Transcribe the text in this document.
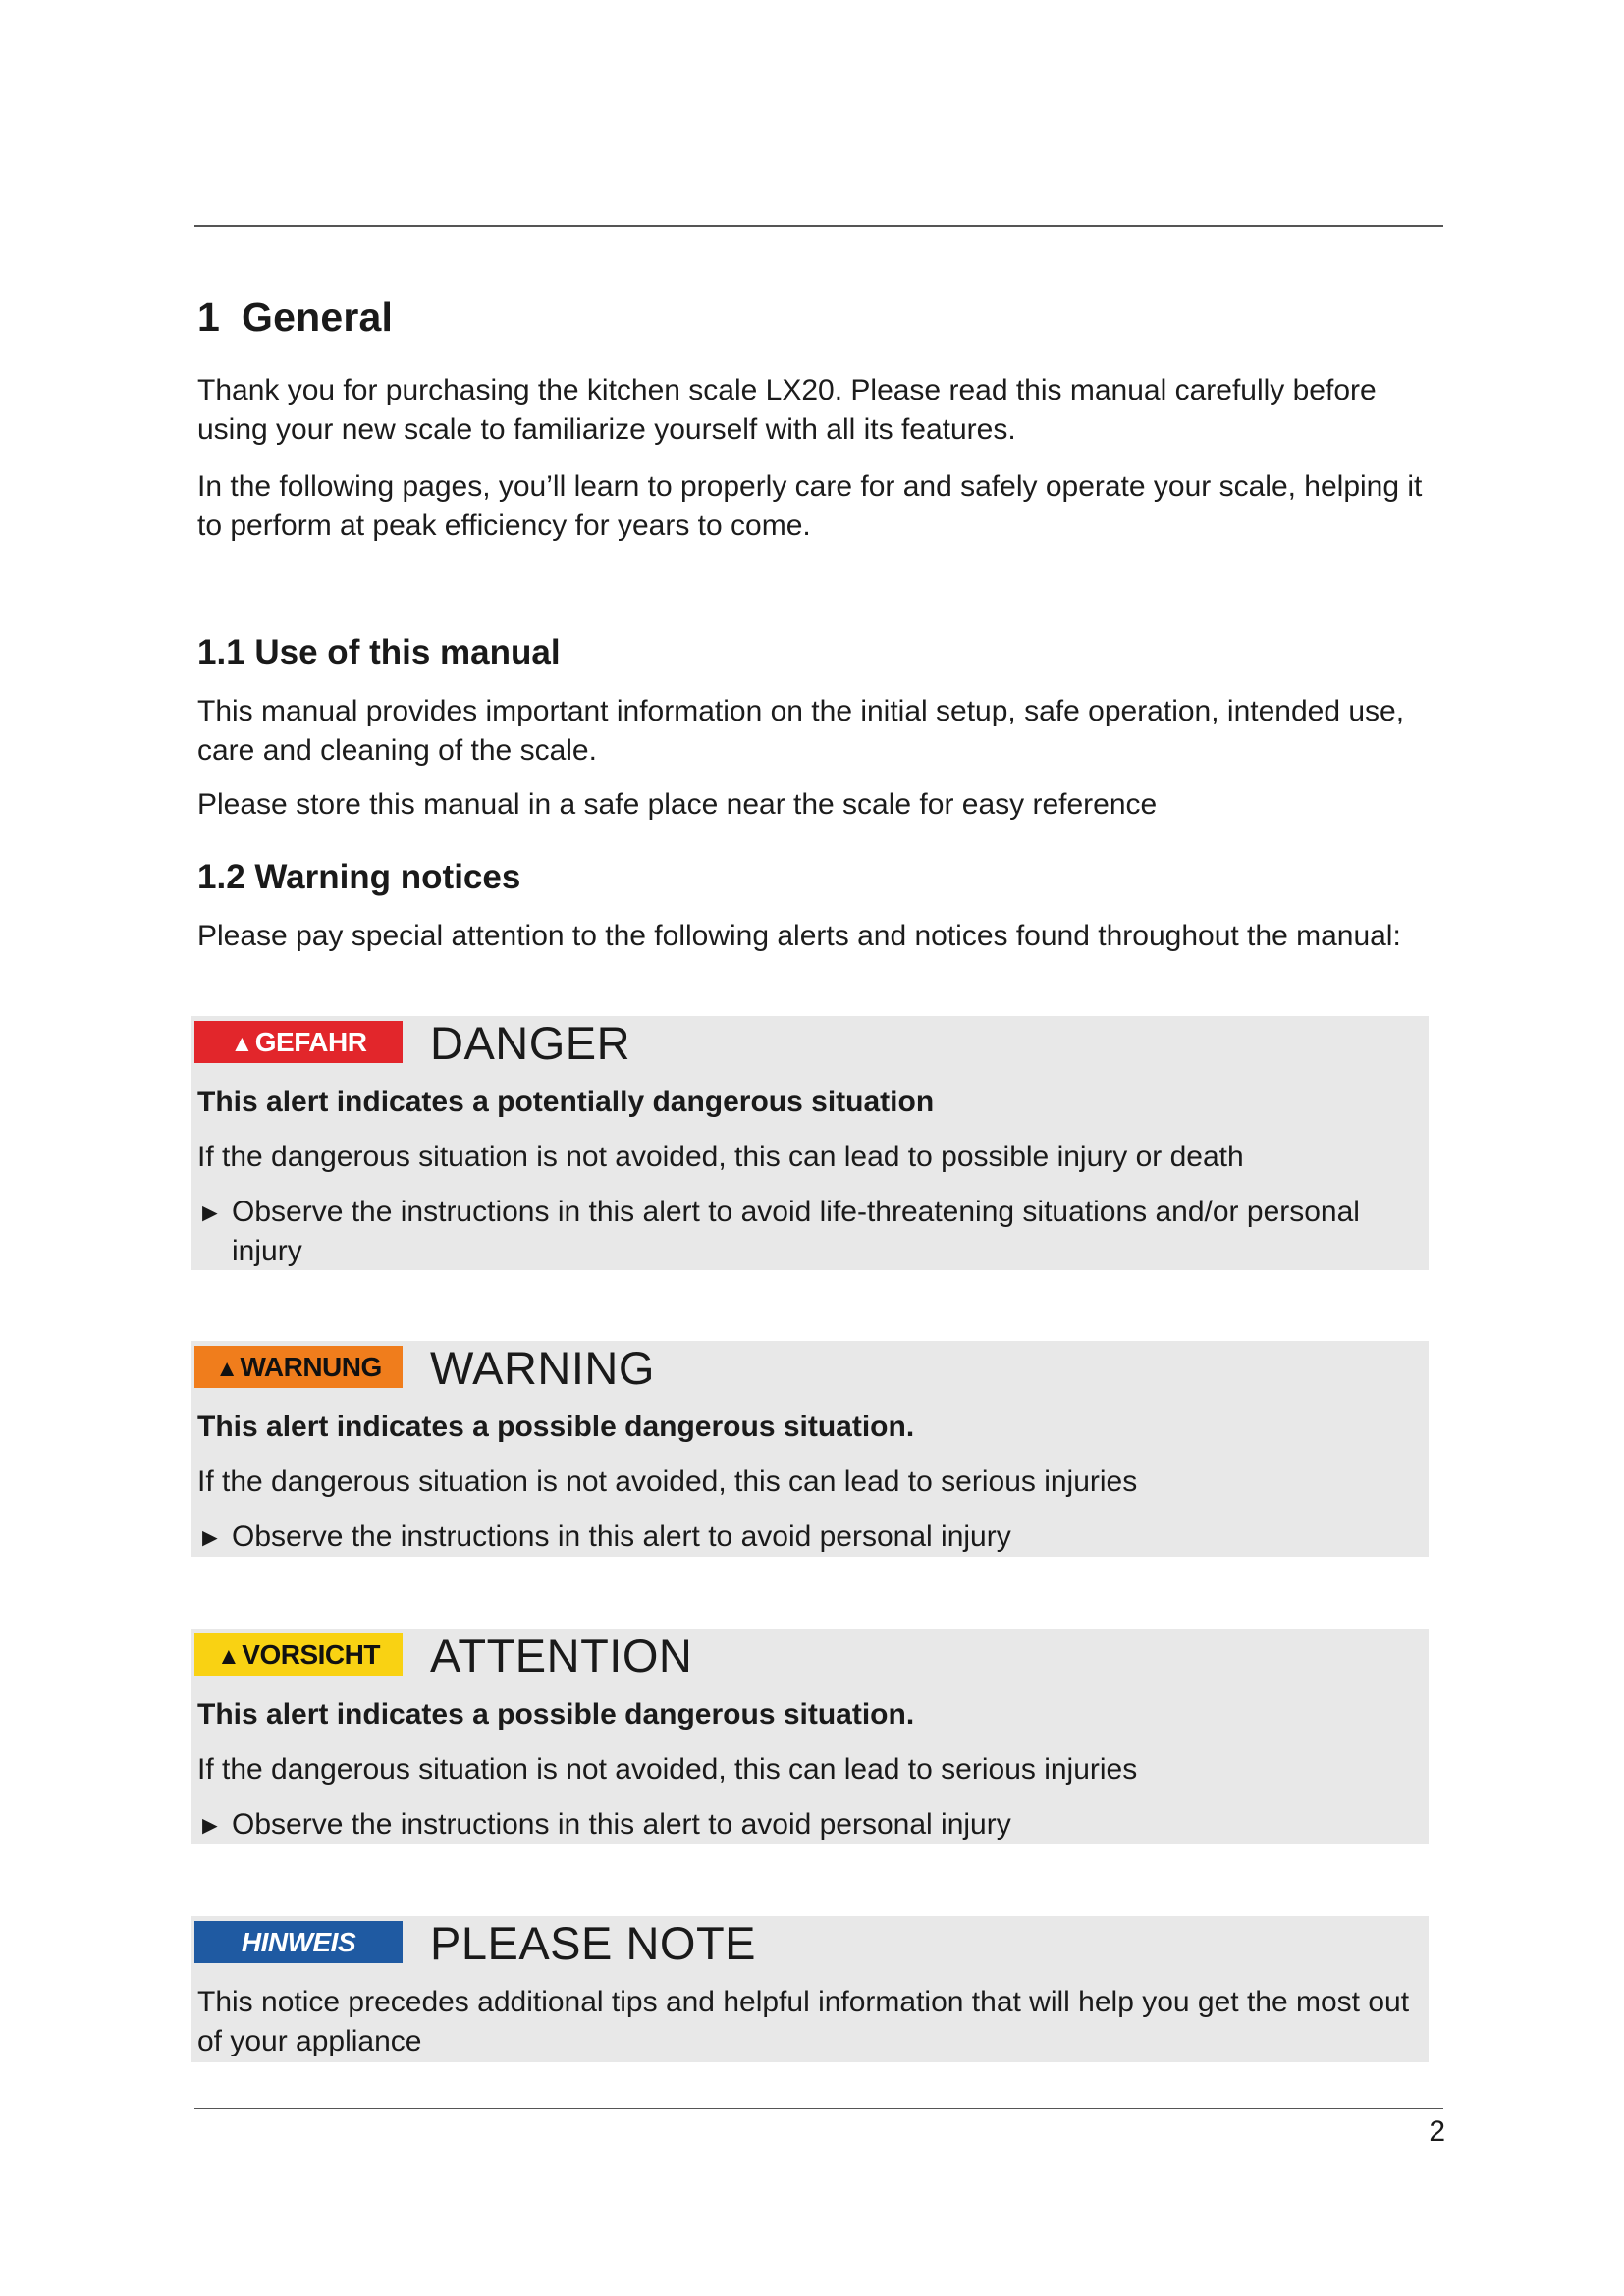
1 General

Thank you for purchasing the kitchen scale LX20. Please read this manual carefully before using your new scale to familiarize yourself with all its features.

In the following pages, you’ll learn to properly care for and safely operate your scale, helping it to perform at peak efficiency for years to come.

1.1 Use of this manual

This manual provides important information on the initial setup, safe operation, intended use, care and cleaning of the scale.

Please store this manual in a safe place near the scale for easy reference

1.2 Warning notices

Please pay special attention to the following alerts and notices found throughout the manual:

▲GEFAHR	DANGER
This alert indicates a potentially dangerous situation
If the dangerous situation is not avoided, this can lead to possible injury or death
► Observe the instructions in this alert to avoid life-threatening situations and/or personal injury
▲WARNUNG	WARNING
This alert indicates a possible dangerous situation.
If the dangerous situation is not avoided, this can lead to serious injuries
► Observe the instructions in this alert to avoid personal injury
▲VORSICHT	ATTENTION
This alert indicates a possible dangerous situation.
If the dangerous situation is not avoided, this can lead to serious injuries
► Observe the instructions in this alert to avoid personal injury
HINWEIS	PLEASE NOTE
This notice precedes additional tips and helpful information that will help you get the most out of your appliance
2
